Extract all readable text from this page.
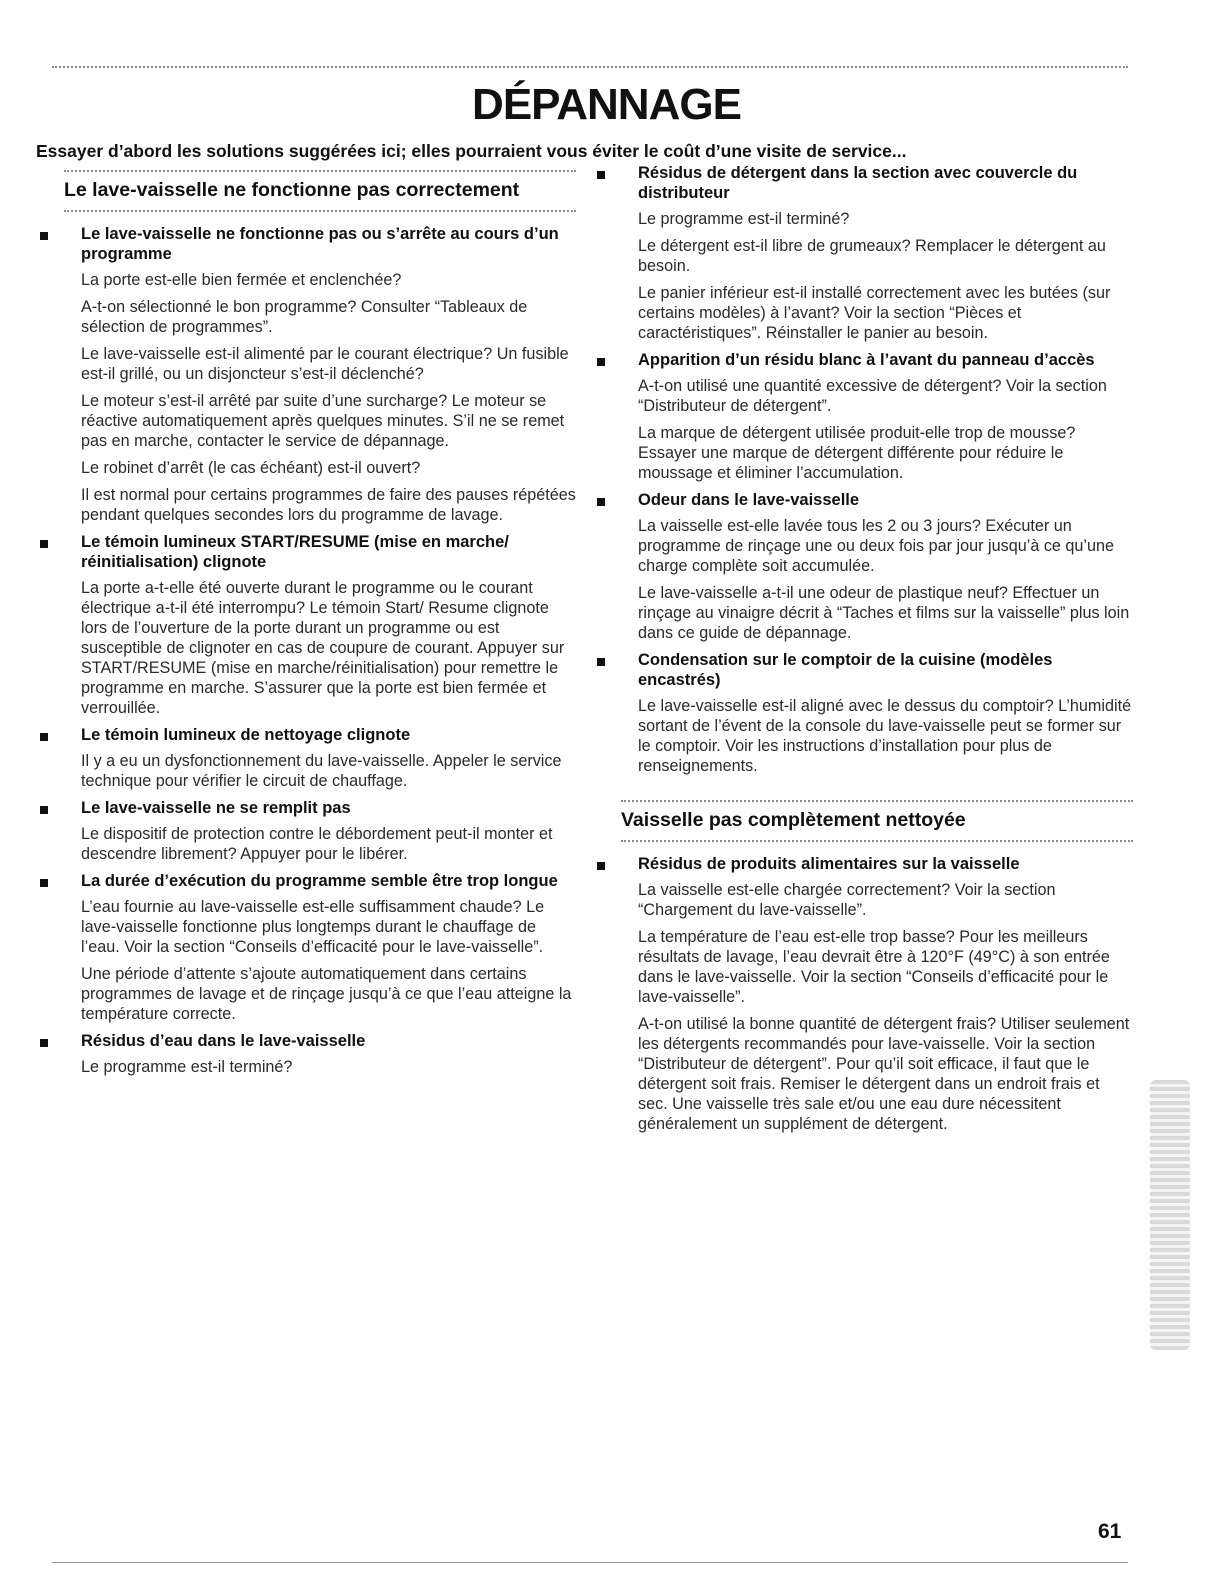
DÉPANNAGE

Essayer d’abord les solutions suggérées ici; elles pourraient vous éviter le coût d’une visite de service...

Le lave-vaisselle ne fonctionne pas correctement
Le lave-vaisselle ne fonctionne pas ou s’arrête au cours d’un programme

La porte est-elle bien fermée et enclenchée?

A-t-on sélectionné le bon programme? Consulter “Tableaux de sélection de programmes”.

Le lave-vaisselle est-il alimenté par le courant électrique? Un fusible est-il grillé, ou un disjoncteur s’est-il déclenché?

Le moteur s’est-il arrêté par suite d’une surcharge? Le moteur se réactive automatiquement après quelques minutes. S’il ne se remet pas en marche, contacter le service de dépannage.

Le robinet d’arrêt (le cas échéant) est-il ouvert?

Il est normal pour certains programmes de faire des pauses répétées pendant quelques secondes lors du programme de lavage.

Le témoin lumineux START/RESUME (mise en marche/ réinitialisation) clignote

La porte a-t-elle été ouverte durant le programme ou le courant électrique a-t-il été interrompu? Le témoin Start/ Resume clignote lors de l’ouverture de la porte durant un programme ou est susceptible de clignoter en cas de coupure de courant. Appuyer sur START/RESUME (mise en marche/réinitialisation) pour remettre le programme en marche. S’assurer que la porte est bien fermée et verrouillée.

Le témoin lumineux de nettoyage clignote

Il y a eu un dysfonctionnement du lave-vaisselle. Appeler le service technique pour vérifier le circuit de chauffage.

Le lave-vaisselle ne se remplit pas

Le dispositif de protection contre le débordement peut-il monter et descendre librement? Appuyer pour le libérer.

La durée d’exécution du programme semble être trop longue

L’eau fournie au lave-vaisselle est-elle suffisamment chaude? Le lave-vaisselle fonctionne plus longtemps durant le chauffage de l’eau. Voir la section “Conseils d’efficacité pour le lave-vaisselle”.

Une période d’attente s’ajoute automatiquement dans certains programmes de lavage et de rinçage jusqu’à ce que l’eau atteigne la température correcte.

Résidus d’eau dans le lave-vaisselle

Le programme est-il terminé?

Résidus de détergent dans la section avec couvercle du distributeur

Le programme est-il terminé?

Le détergent est-il libre de grumeaux? Remplacer le détergent au besoin.

Le panier inférieur est-il installé correctement avec les butées (sur certains modèles) à l’avant? Voir la section “Pièces et caractéristiques”. Réinstaller le panier au besoin.

Apparition d’un résidu blanc à l’avant du panneau d’accès

A-t-on utilisé une quantité excessive de détergent? Voir la section “Distributeur de détergent”.

La marque de détergent utilisée produit-elle trop de mousse? Essayer une marque de détergent différente pour réduire le moussage et éliminer l’accumulation.

Odeur dans le lave-vaisselle

La vaisselle est-elle lavée tous les 2 ou 3 jours? Exécuter un programme de rinçage une ou deux fois par jour jusqu’à ce qu’une charge complète soit accumulée.

Le lave-vaisselle a-t-il une odeur de plastique neuf? Effectuer un rinçage au vinaigre décrit à “Taches et films sur la vaisselle” plus loin dans ce guide de dépannage.

Condensation sur le comptoir de la cuisine (modèles encastrés)

Le lave-vaisselle est-il aligné avec le dessus du comptoir? L’humidité sortant de l’évent de la console du lave-vaisselle peut se former sur le comptoir. Voir les instructions d’installation pour plus de renseignements.

Vaisselle pas complètement nettoyée
Résidus de produits alimentaires sur la vaisselle

La vaisselle est-elle chargée correctement? Voir la section “Chargement du lave-vaisselle”.

La température de l’eau est-elle trop basse? Pour les meilleurs résultats de lavage, l’eau devrait être à 120°F (49°C) à son entrée dans le lave-vaisselle. Voir la section “Conseils d’efficacité pour le lave-vaisselle”.

A-t-on utilisé la bonne quantité de détergent frais? Utiliser seulement les détergents recommandés pour lave-vaisselle. Voir la section “Distributeur de détergent”. Pour qu’il soit efficace, il faut que le détergent soit frais. Remiser le détergent dans un endroit frais et sec. Une vaisselle très sale et/ou une eau dure nécessitent généralement un supplément de détergent.

61
